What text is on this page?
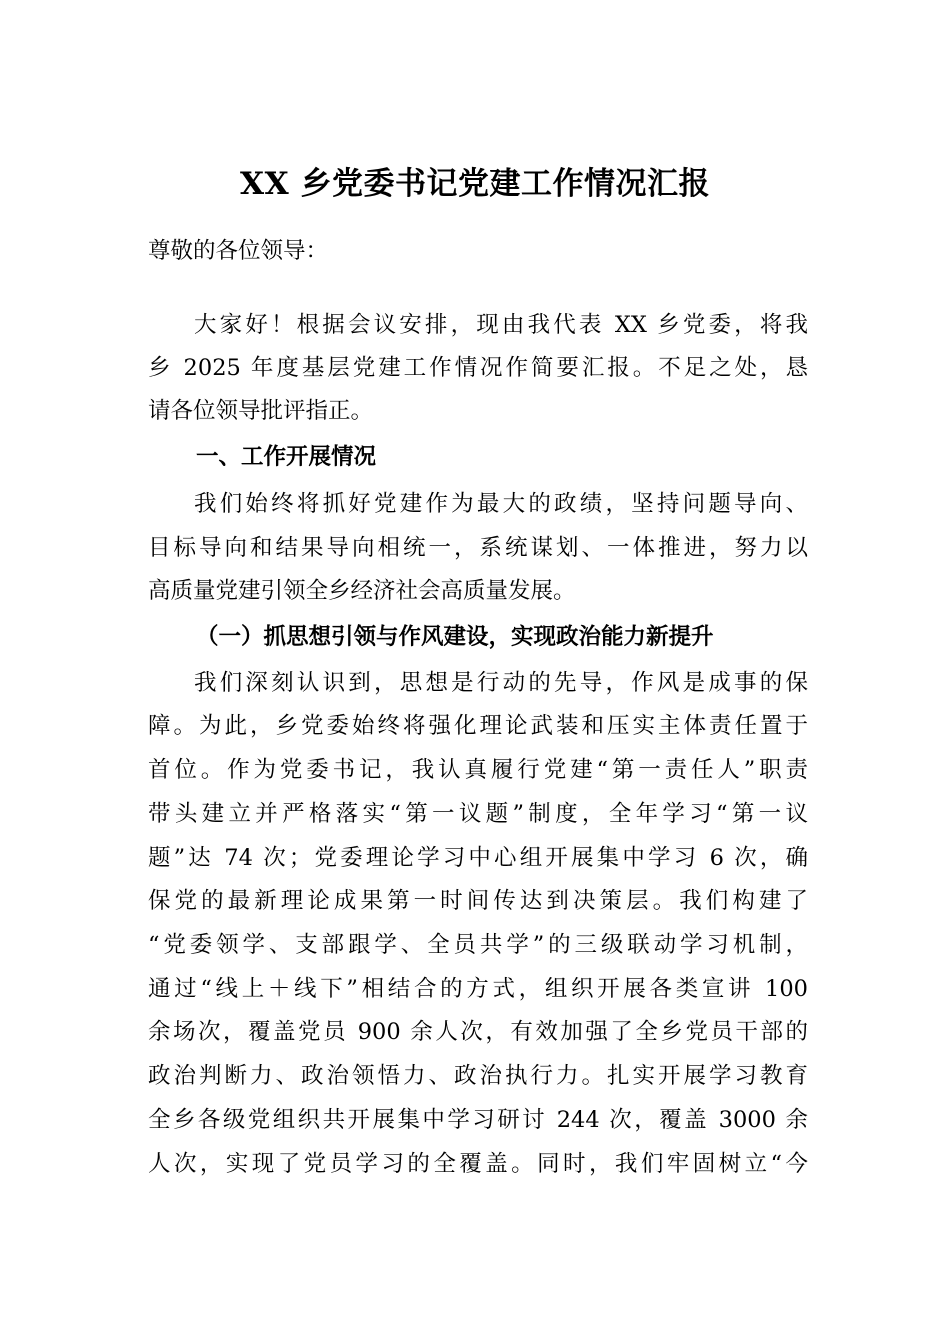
XX 乡党委书记党建工作情况汇报
尊敬的各位领导：
大家好！根据会议安排，现由我代表 XX 乡党委，将我
乡 2025 年度基层党建工作情况作简要汇报。不足之处，恳
请各位领导批评指正。
一、工作开展情况
我们始终将抓好党建作为最大的政绩，坚持问题导向、
目标导向和结果导向相统一，系统谋划、一体推进，努力以
高质量党建引领全乡经济社会高质量发展。
（一）抓思想引领与作风建设，实现政治能力新提升
我们深刻认识到，思想是行动的先导，作风是成事的保
障。为此，乡党委始终将强化理论武装和压实主体责任置于
首位。作为党委书记，我认真履行党建“第一责任人”职责
带头建立并严格落实“第一议题”制度，全年学习“第一议
题”达 74 次；党委理论学习中心组开展集中学习 6 次，确
保党的最新理论成果第一时间传达到决策层。我们构建了
“党委领学、支部跟学、全员共学”的三级联动学习机制，
通过“线上＋线下”相结合的方式，组织开展各类宣讲 100
余场次，覆盖党员 900 余人次，有效加强了全乡党员干部的
政治判断力、政治领悟力、政治执行力。扎实开展学习教育
全乡各级党组织共开展集中学习研讨 244 次，覆盖 3000 余
人次，实现了党员学习的全覆盖。同时，我们牢固树立“今
